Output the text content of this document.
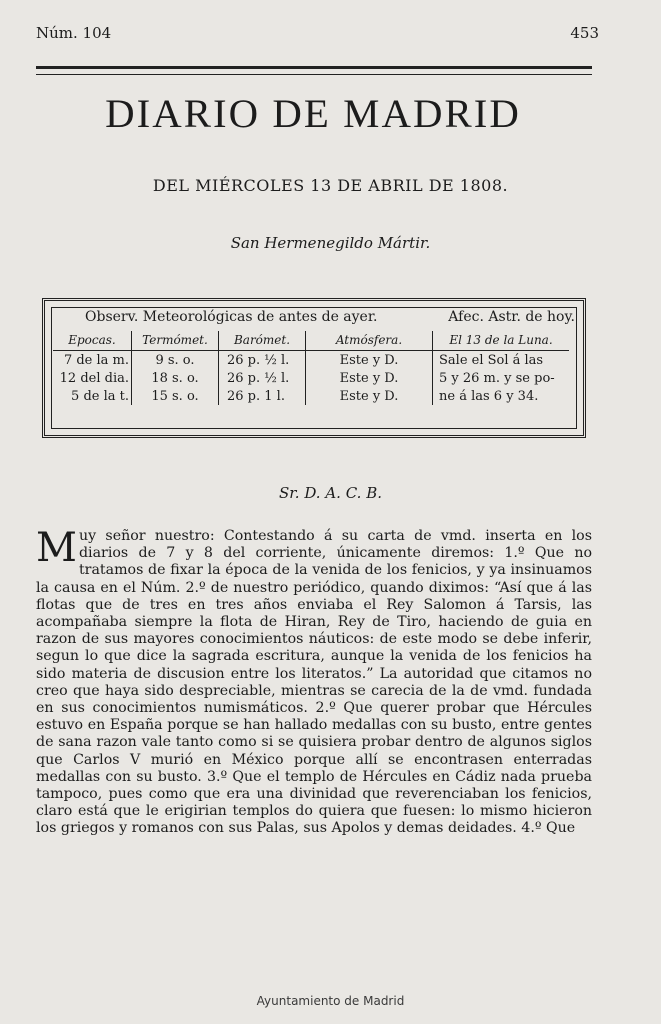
Núm. 104	453
DIARIO DE MADRID
DEL MIÉRCOLES 13 DE ABRIL DE 1808.
San Hermenegildo Mártir.
Observ. Meteorológicas de antes de ayer.	Afec. Astr. de hoy.
Epocas.	Termómet.	Barómet.	Atmósfera.	El 13 de la Luna.
7 de la m.	9 s. o.	26 p. ½ l.	Este y D.	Sale el Sol á las
12 del dia.	18 s. o.	26 p. ½ l.	Este y D.	5 y 26 m. y se po-
5 de la t.	15 s. o.	26 p. 1 l.	Este y D.	ne á las 6 y 34.
Sr. D. A. C. B.

Muy señor nuestro: Contestando á su carta de vmd. inserta en los diarios de 7 y 8 del corriente, únicamente diremos: 1.º Que no tratamos de fixar la época de la venida de los fenicios, y ya insinuamos la causa en el Núm. 2.º de nuestro periódico, quando diximos: “Así que á las flotas que de tres en tres años enviaba el Rey Salomon á Tarsis, las acompañaba siempre la flota de Hiran, Rey de Tiro, haciendo de guia en razon de sus mayores conocimientos náuticos: de este modo se debe inferir, segun lo que dice la sagrada escritura, aunque la venida de los fenicios ha sido materia de discusion entre los literatos.” La autoridad que citamos no creo que haya sido despreciable, mientras se carecia de la de vmd. fundada en sus conocimientos numismáticos. 2.º Que querer probar que Hércules estuvo en España porque se han hallado medallas con su busto, entre gentes de sana razon vale tanto como si se quisiera probar dentro de algunos siglos que Carlos V murió en México porque allí se encontrasen enterradas medallas con su busto. 3.º Que el templo de Hércules en Cádiz nada prueba tampoco, pues como que era una divinidad que reverenciaban los fenicios, claro está que le erigirian templos do quiera que fuesen: lo mismo hicieron los griegos y romanos con sus Palas, sus Apolos y demas deidades. 4.º Que

Ayuntamiento de Madrid
